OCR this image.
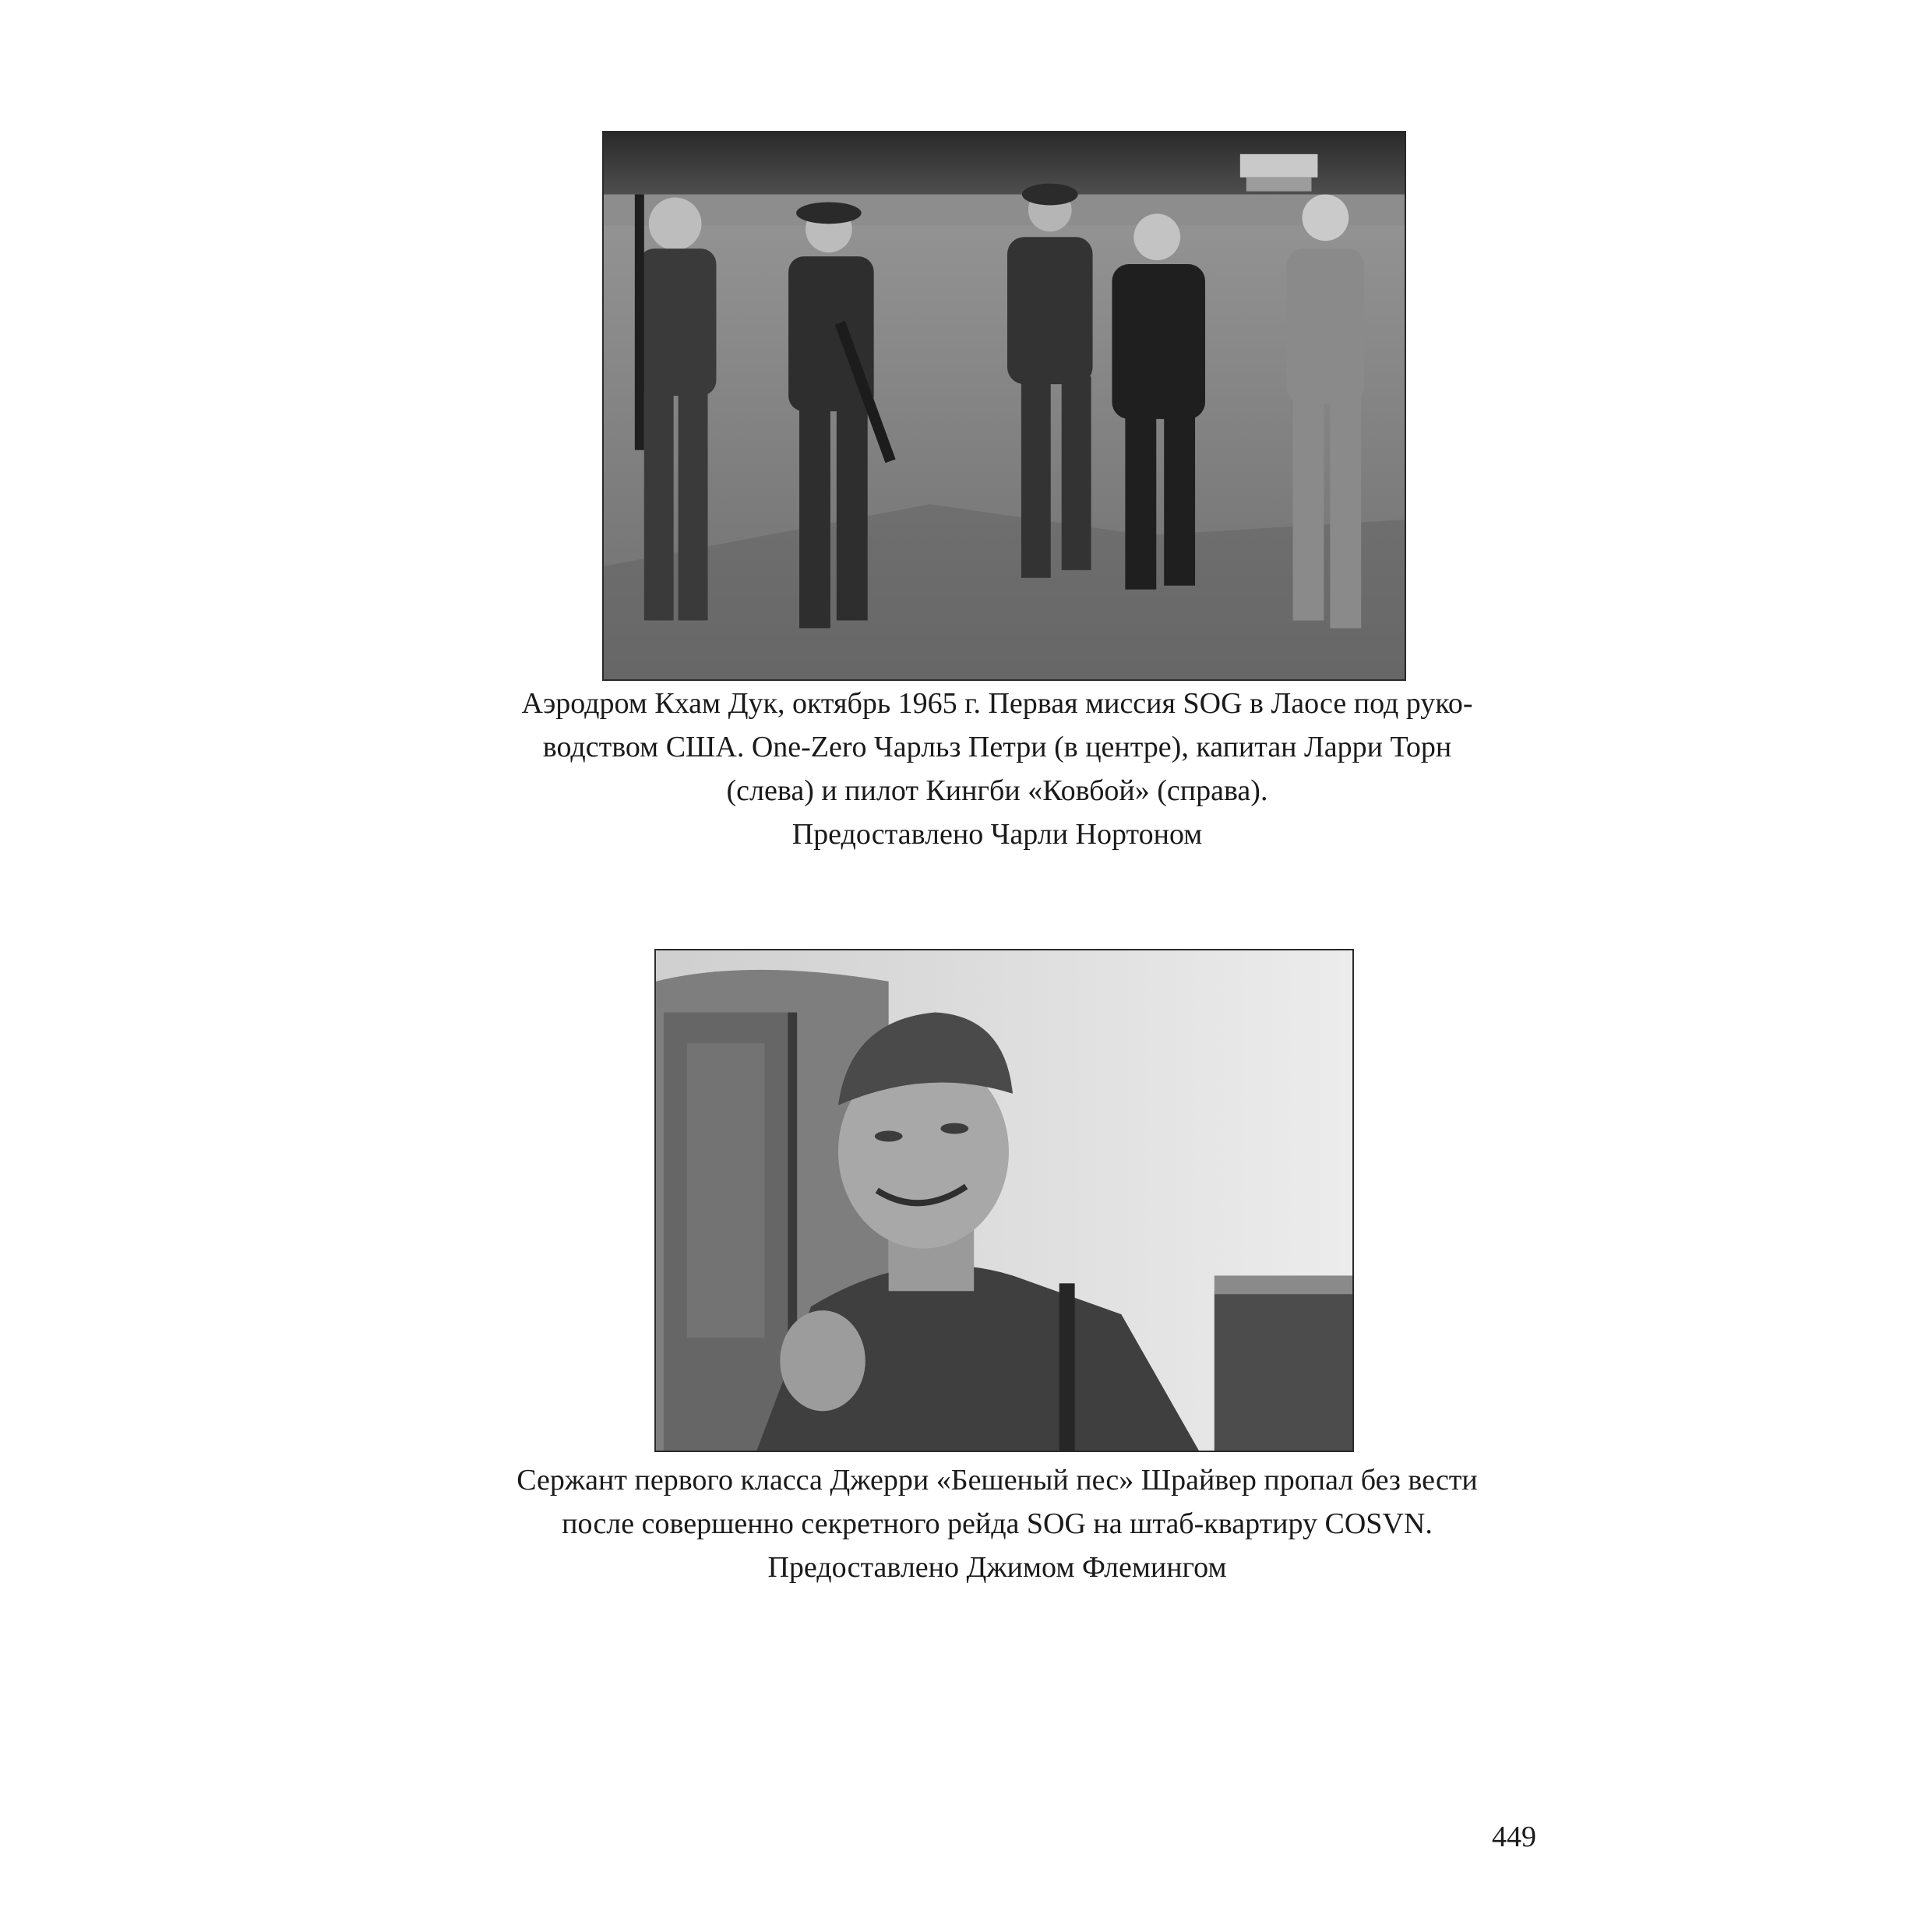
Аэродром Кхам Дук, октябрь 1965 г. Первая миссия SOG в Лаосе под руко-
водством США. One-Zero Чарльз Петри (в центре), капитан Ларри Торн
(слева) и пилот Кингби «Ковбой» (справа).
Предоставлено Чарли Нортоном
Сержант первого класса Джерри «Бешеный пес» Шрайвер пропал без вести
после совершенно секретного рейда SOG на штаб-квартиру COSVN.
Предоставлено Джимом Флемингом
449
